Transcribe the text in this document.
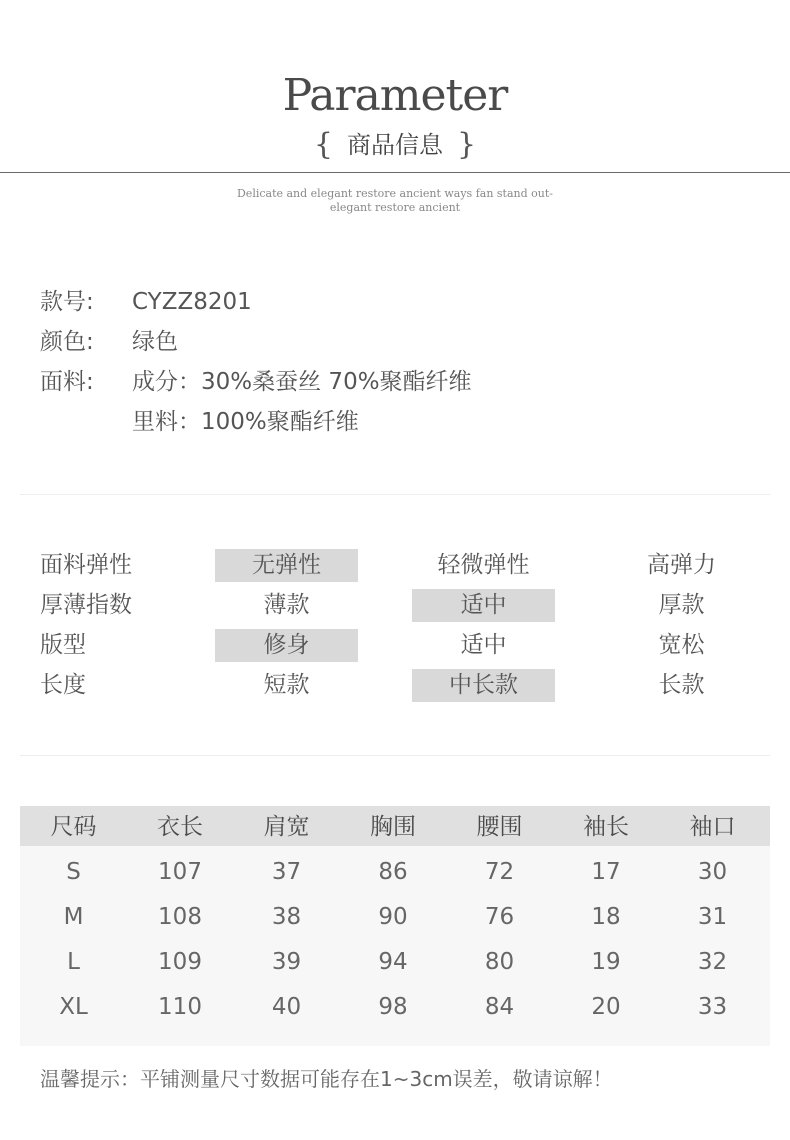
Parameter
{ 商品信息 }
Delicate and elegant restore ancient ways fan stand out-
elegant restore ancient
款号: CYZZ8201
颜色: 绿色
面料: 成分：30%桑蚕丝 70%聚酯纤维
里料：100%聚酯纤维
面料弹性	无弹性	轻微弹性	高弹力
厚薄指数	薄款	适中	厚款
版型	修身	适中	宽松
长度	短款	中长款	长款
尺码	衣长	肩宽	胸围	腰围	袖长	袖口
S	107	37	86	72	17	30
M	108	38	90	76	18	31
L	109	39	94	80	19	32
XL	110	40	98	84	20	33
温馨提示：平铺测量尺寸数据可能存在1~3cm误差，敬请谅解！
